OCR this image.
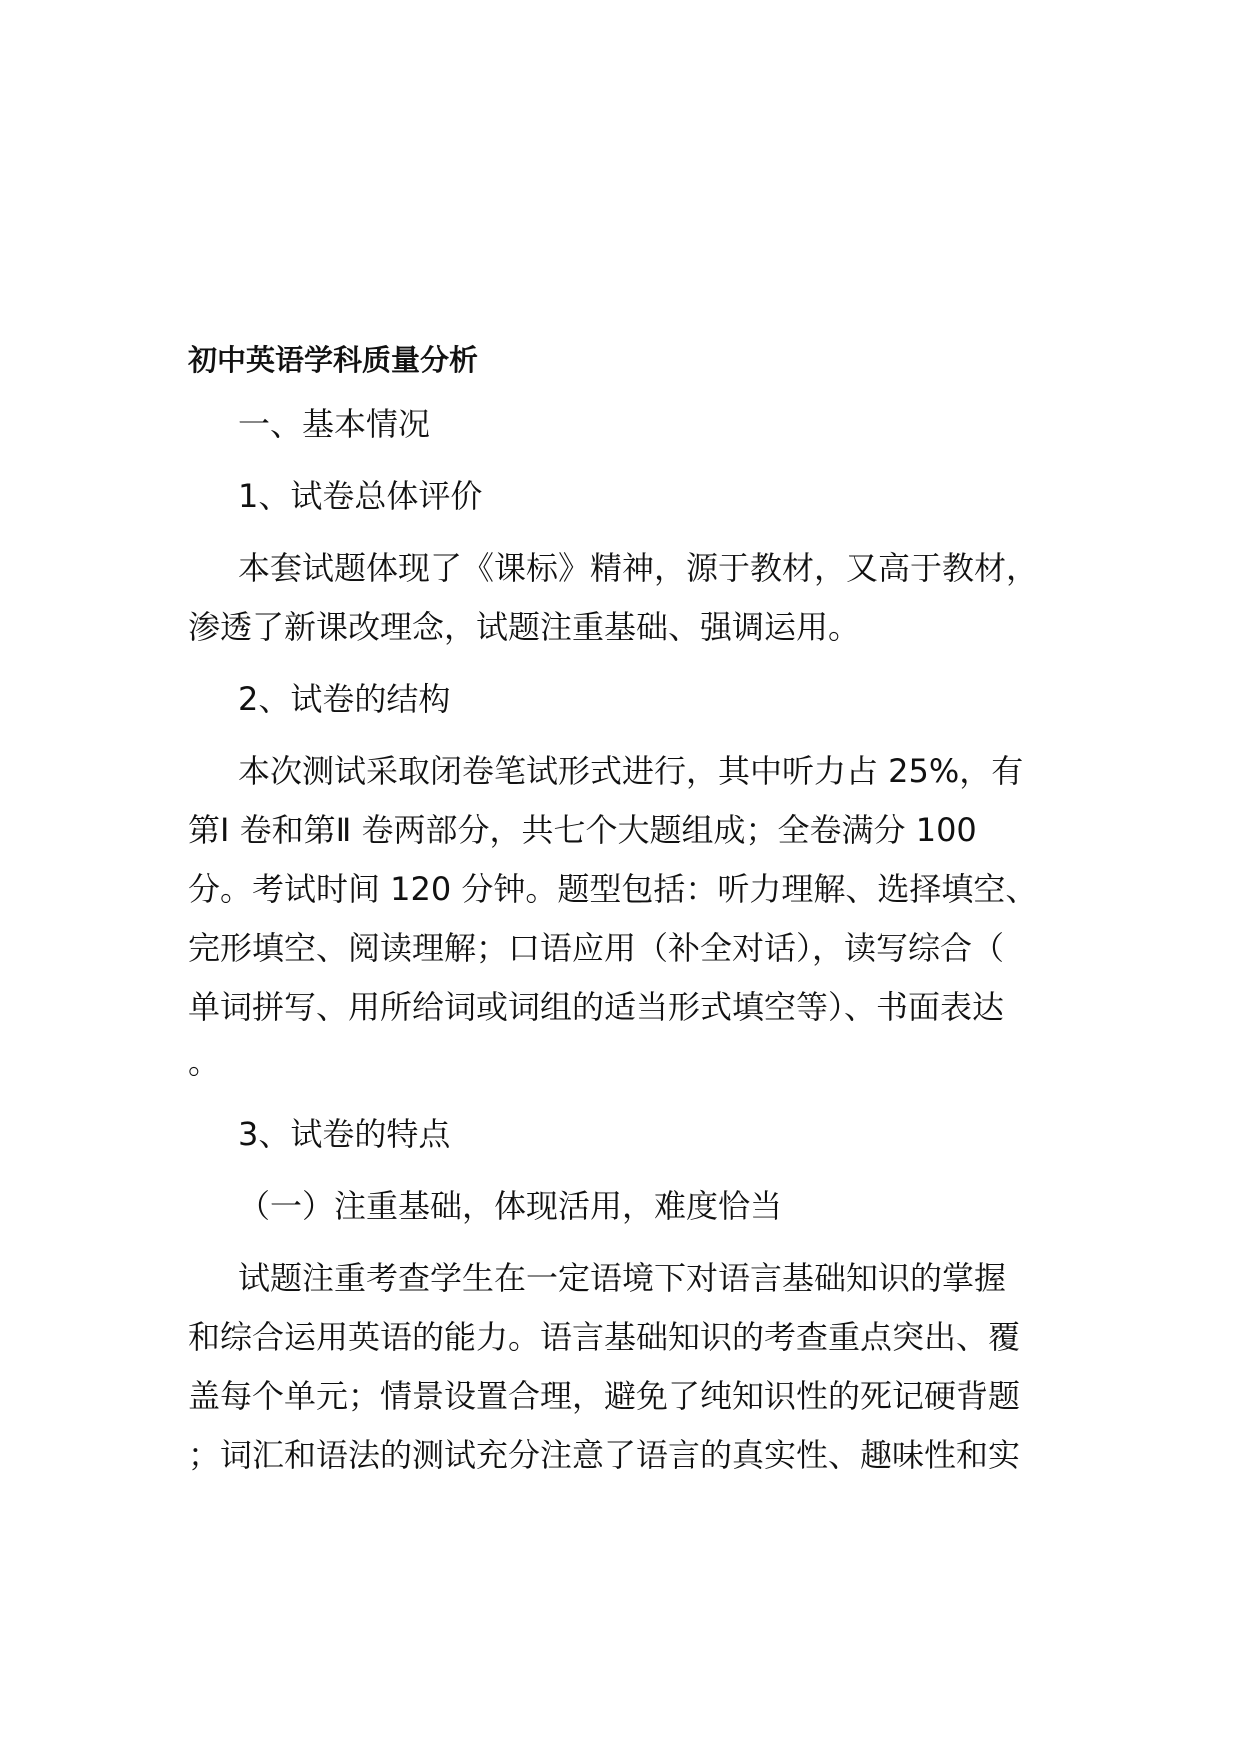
初中英语学科质量分析
一、基本情况
1、试卷总体评价
本套试题体现了《课标》精神，源于教材，又高于教材，
渗透了新课改理念，试题注重基础、强调运用。
2、试卷的结构
本次测试采取闭卷笔试形式进行，其中听力占 25%，有
第Ⅰ 卷和第Ⅱ 卷两部分，共七个大题组成；全卷满分 100
分。考试时间 120 分钟。题型包括：听力理解、选择填空、
完形填空、阅读理解；口语应用（补全对话），读写综合（
单词拼写、用所给词或词组的适当形式填空等）、书面表达
。
3、试卷的特点
（一）注重基础，体现活用，难度恰当
试题注重考查学生在一定语境下对语言基础知识的掌握
和综合运用英语的能力。语言基础知识的考查重点突出、覆
盖每个单元；情景设置合理，避免了纯知识性的死记硬背题
；词汇和语法的测试充分注意了语言的真实性、趣味性和实
